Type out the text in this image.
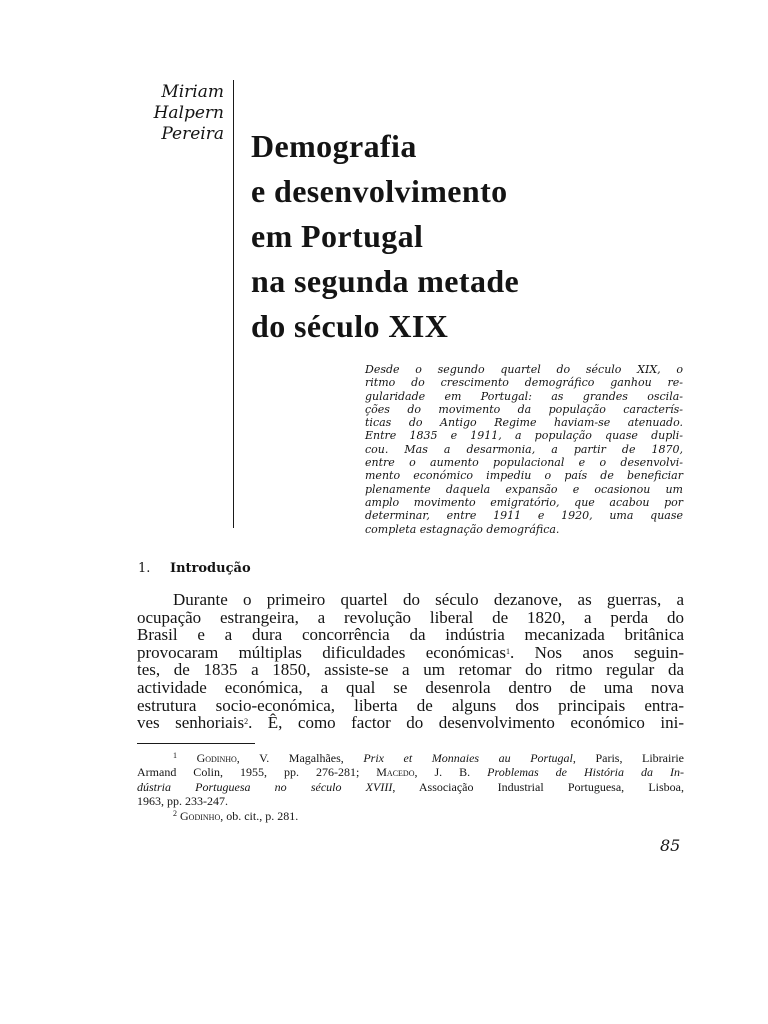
Miriam
Halpern
Pereira Demografia
e desenvolvimento
em Portugal
na segunda metade
do século XIX
Desde o segundo quartel do século XIX, o
ritmo do crescimento demográfico ganhou re-
gularidade em Portugal: as grandes oscila-
ções do movimento da população caracterís-
ticas do Antigo Regime haviam-se atenuado.
Entre 1835 e 1911, a população quase dupli-
cou. Mas a desarmonia, a partir de 1870,
entre o aumento populacional e o desenvolvi-
mento económico impediu o país de beneficiar
plenamente daquela expansão e ocasionou um
amplo movimento emigratório, que acabou por
determinar, entre 1911 e 1920, uma quase
completa estagnação demográfica.
1. Introdução
Durante o primeiro quartel do século dezanove, as guerras, a
ocupação estrangeira, a revolução liberal de 1820, a perda do
Brasil e a dura concorrência da indústria mecanizada britânica
provocaram múltiplas dificuldades económicas$^1$. Nos anos seguin-
tes, de 1835 a 1850, assiste-se a um retomar do ritmo regular da
actividade económica, a qual se desenrola dentro de uma nova
estrutura socio-económica, liberta de alguns dos principais entra-
ves senhoriais$^2$. Ê, como factor do desenvolvimento económico ini-
$^1$ Godinho, V. Magalhães, Prix et Monnaies au Portugal, Paris, Librairie
Armand Colin, 1955, pp. 276-281; Macedo, J. B. Problemas de História da In-
dústria Portuguesa no século XVIII, Associação Industrial Portuguesa, Lisboa,
1963, pp. 233-247.
$^2$ Godinho, ob. cit., p. 281.
85
